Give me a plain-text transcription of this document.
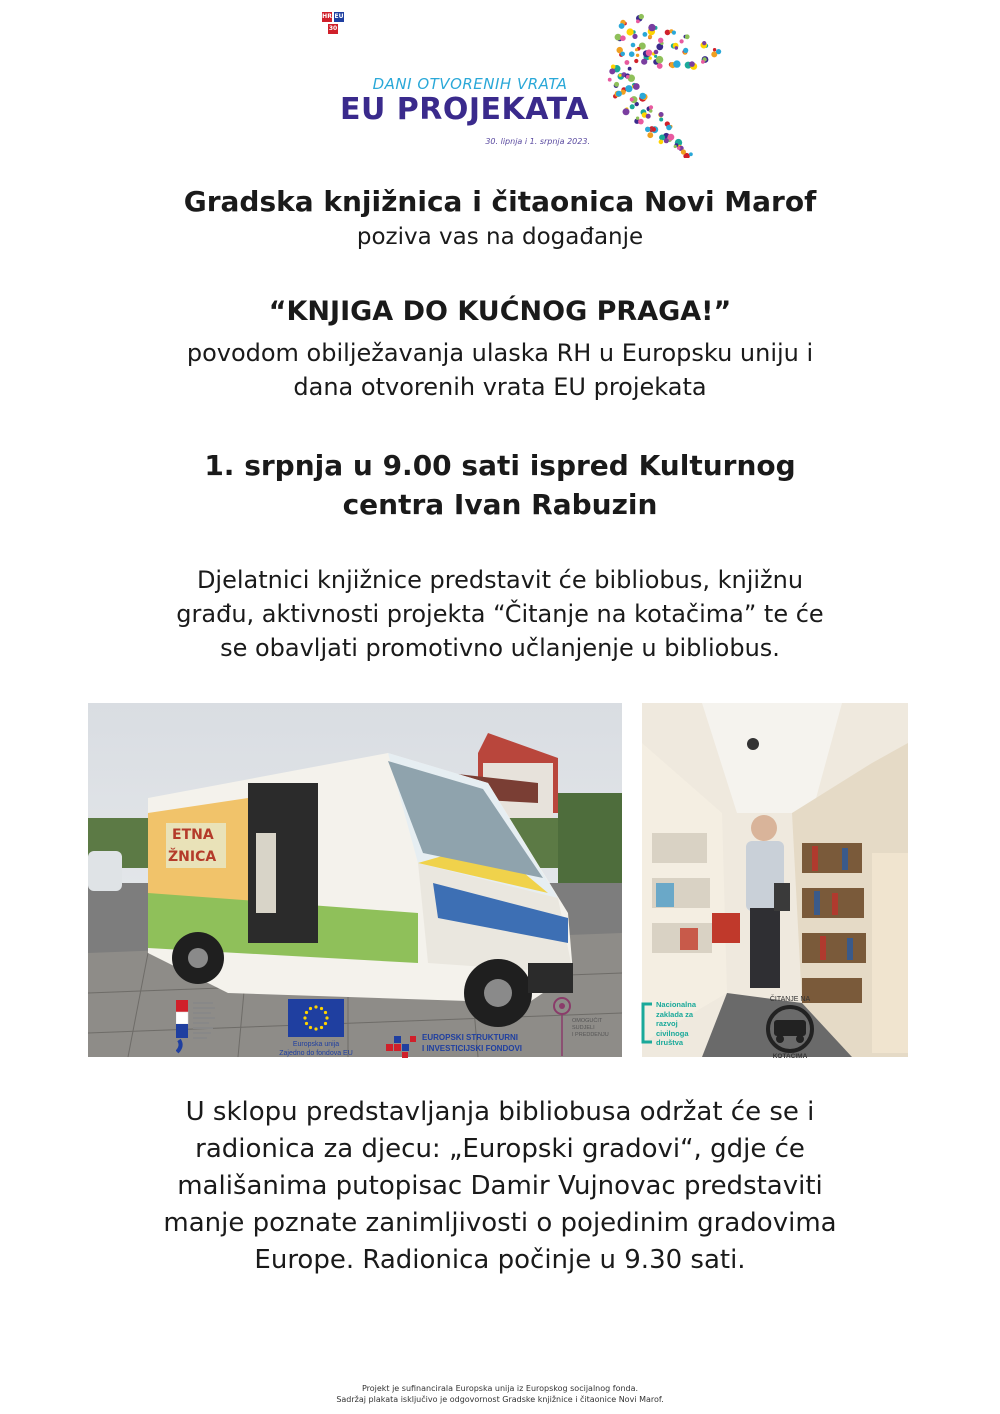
HR EU
30
DANI OTVORENIH VRATA
EU PROJEKATA
30. lipnja i 1. srpnja 2023.
Gradska knjižnica i čitaonica Novi Marof
poziva vas na događanje
“KNJIGA DO KUĆNOG PRAGA!”
povodom obilježavanja ulaska RH u Europsku uniju i
dana otvorenih vrata EU projekata
1. srpnja u 9.00 sati ispred Kulturnog
centra Ivan Rabuzin
Djelatnici knjižnice predstavit će bibliobus, knjižnu
građu, aktivnosti projekta “Čitanje na kotačima” te će
se obavljati promotivno učlanjenje u bibliobus.
ETNA
ŽNICA
U sklopu predstavljanja bibliobusa održat će se i
radionica za djecu: „Europski gradovi“, gdje će
mališanima putopisac Damir Vujnovac predstaviti
manje poznate zanimljivosti o pojedinim gradovima
Europe. Radionica počinje u 9.30 sati.
Europska unija
Zajedno do fondova EU
EUROPSKI STRUKTURNI
I INVESTICIJSKI FONDOVI
OMOGUĆIT
SUDJELI
I PREDDENJU
Nacionalna
zaklada za
razvoj
civilnoga
društva
ČITANJE NA
KOTAČIMA
Projekt je sufinancirala Europska unija iz Europskog socijalnog fonda.
Sadržaj plakata isključivo je odgovornost Gradske knjižnice i čitaonice Novi Marof.
